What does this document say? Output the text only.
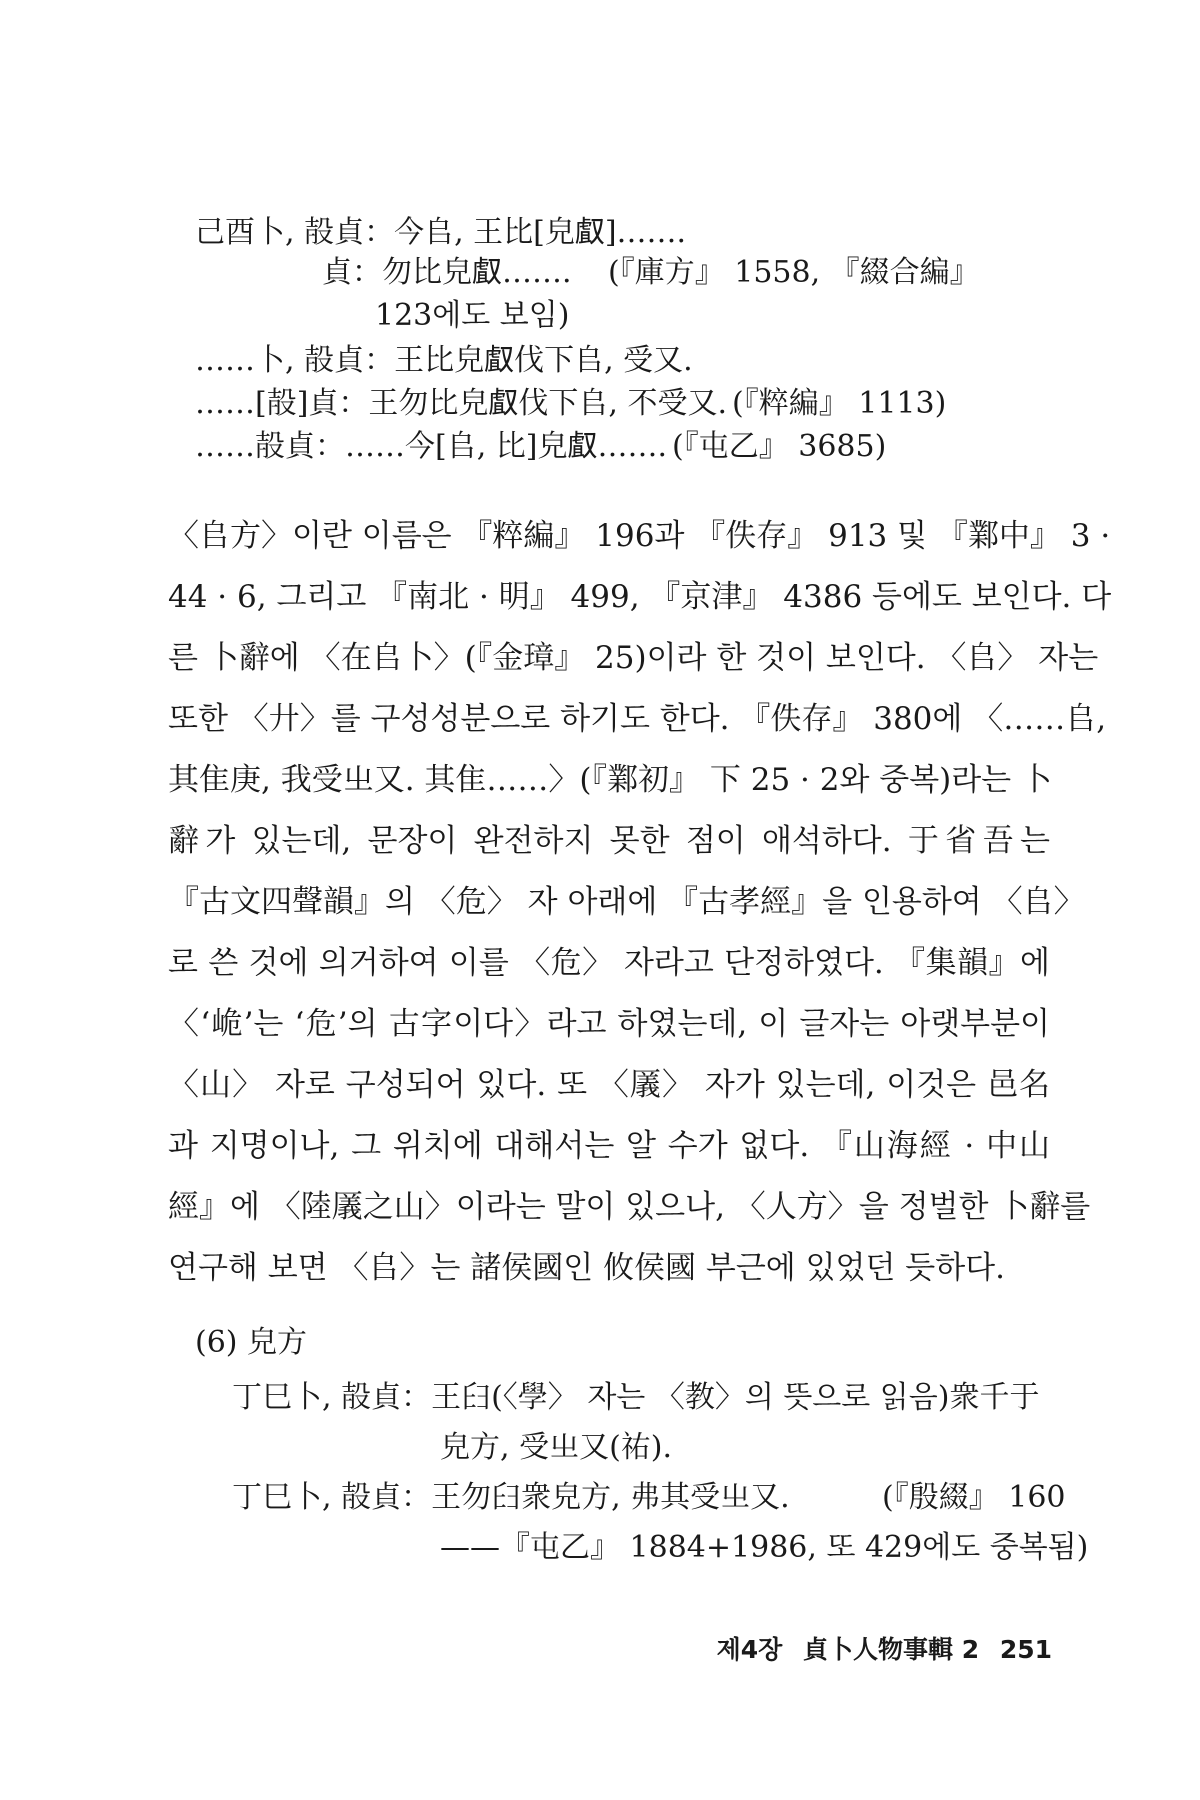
己酉卜, 㱿貞：今𠂤, 王比[皃𠭯]…….
貞：勿比皃𠭯……. (『庫方』 1558, 『綴合編』
123에도 보임)
……卜, 㱿貞：王比皃𠭯伐下𠂤, 受又.
……[㱿]貞：王勿比皃𠭯伐下𠂤, 不受又. (『粹編』 1113)
……㱿貞：……今[𠂤, 比]皃𠭯……. (『屯乙』 3685)
〈𠂤方〉이란 이름은 『粹編』 196과 『佚存』 913 및 『鄴中』 3 ·
44 · 6, 그리고 『南北 · 明』 499, 『京津』 4386 등에도 보인다. 다
른 卜辭에 〈在𠂤卜〉(『金璋』 25)이라 한 것이 보인다. 〈𠂤〉 자는
또한 〈廾〉를 구성성분으로 하기도 한다. 『佚存』 380에 〈……𠂤,
其隹庚, 我受㞢又. 其隹……〉(『鄴初』 下 25 · 2와 중복)라는 卜
辭가 있는데, 문장이 완전하지 못한 점이 애석하다. 于省吾는
『古文四聲韻』의 〈危〉 자 아래에 『古孝經』을 인용하여 〈𠂤〉
로 쓴 것에 의거하여 이를 〈危〉 자라고 단정하였다. 『集韻』에
〈‘峗’는 ‘危’의 古字이다〉라고 하였는데, 이 글자는 아랫부분이
〈山〉 자로 구성되어 있다. 또 〈㕒〉 자가 있는데, 이것은 邑名
과 지명이나, 그 위치에 대해서는 알 수가 없다. 『山海經 · 中山
經』에 〈陸㕒之山〉이라는 말이 있으나, 〈人方〉을 정벌한 卜辭를
연구해 보면 〈𠂤〉는 諸侯國인 攸侯國 부근에 있었던 듯하다.
(6) 皃方
丁巳卜, 㱿貞：王𦥑(〈學〉 자는 〈教〉의 뜻으로 읽음)衆千于
皃方, 受㞢又(祐).
丁巳卜, 㱿貞：王勿𦥑衆皃方, 弗其受㞢又.	(『殷綴』 160
——『屯乙』 1884+1986, 또 429에도 중복됨)
제4장 貞卜人物事輯 2 251
